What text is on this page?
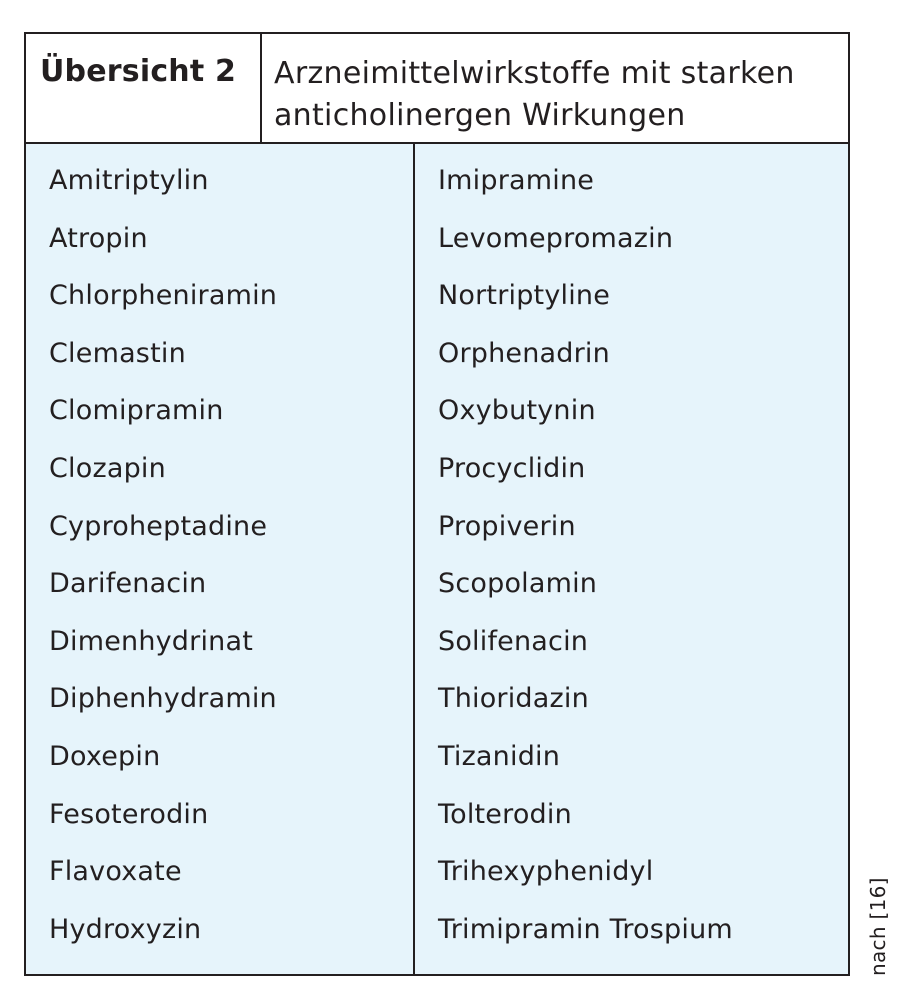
Übersicht 2 Arzneimittelwirkstoffe mit starken anticholinergen Wirkungen
Amitriptylin
Atropin
Chlorpheniramin
Clemastin
Clomipramin
Clozapin
Cyproheptadine
Darifenacin
Dimenhydrinat
Diphenhydramin
Doxepin
Fesoterodin
Flavoxate
Hydroxyzin
Imipramine
Levomepromazin
Nortriptyline
Orphenadrin
Oxybutynin
Procyclidin
Propiverin
Scopolamin
Solifenacin
Thioridazin
Tizanidin
Tolterodin
Trihexyphenidyl
Trimipramin Trospium	nach [16]
